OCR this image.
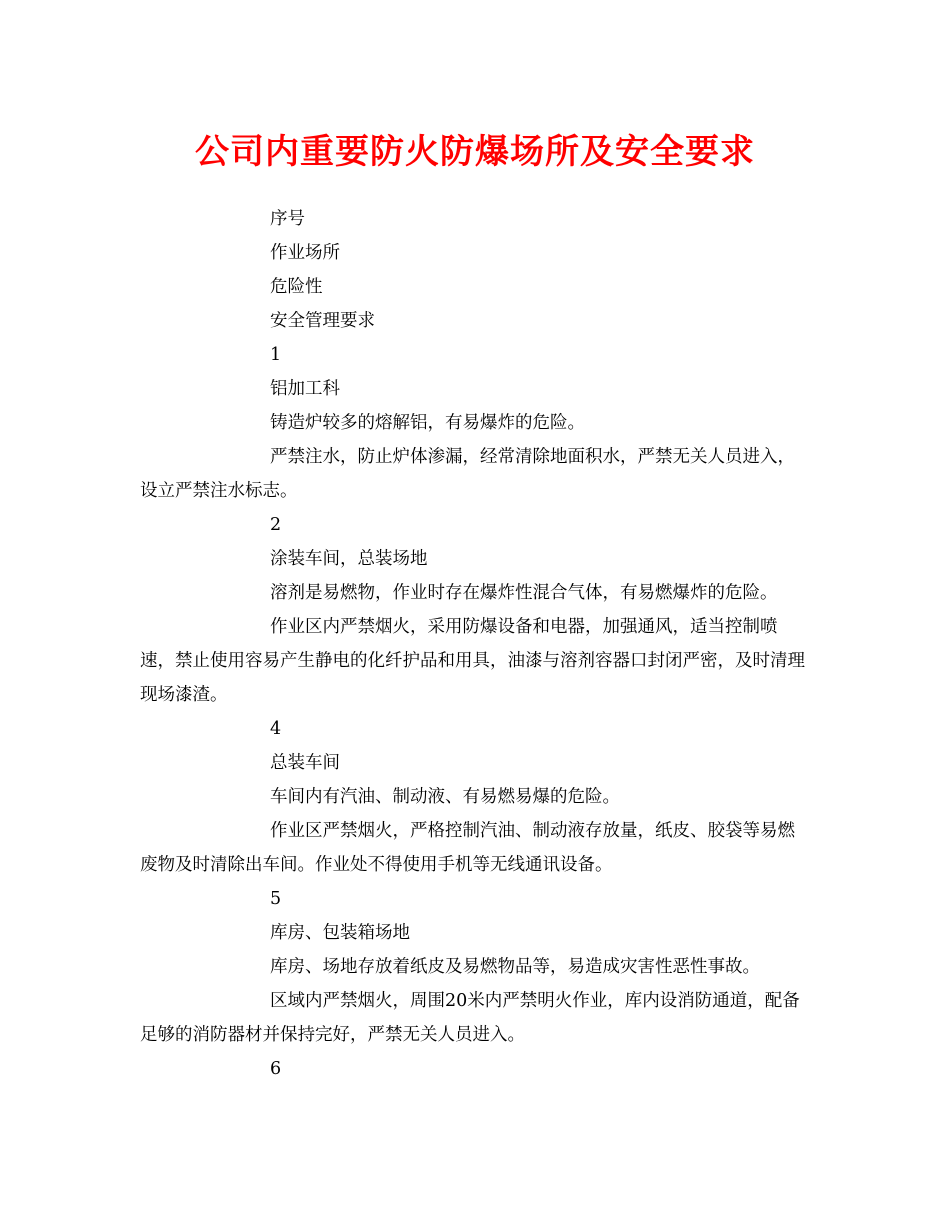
公司内重要防火防爆场所及安全要求

序号

作业场所

危险性

安全管理要求

1

铝加工科

铸造炉较多的熔解铝，有易爆炸的危险。

严禁注水，防止炉体渗漏，经常清除地面积水，严禁无关人员进入，设立严禁注水标志。

2

涂装车间，总装场地

溶剂是易燃物，作业时存在爆炸性混合气体，有易燃爆炸的危险。

作业区内严禁烟火，采用防爆设备和电器，加强通风，适当控制喷速，禁止使用容易产生静电的化纤护品和用具，油漆与溶剂容器口封闭严密，及时清理现场漆渣。

4

总装车间

车间内有汽油、制动液、有易燃易爆的危险。

作业区严禁烟火，严格控制汽油、制动液存放量，纸皮、胶袋等易燃废物及时清除出车间。作业处不得使用手机等无线通讯设备。

5

库房、包装箱场地

库房、场地存放着纸皮及易燃物品等，易造成灾害性恶性事故。

区域内严禁烟火，周围20米内严禁明火作业，库内设消防通道，配备足够的消防器材并保持完好，严禁无关人员进入。

6
